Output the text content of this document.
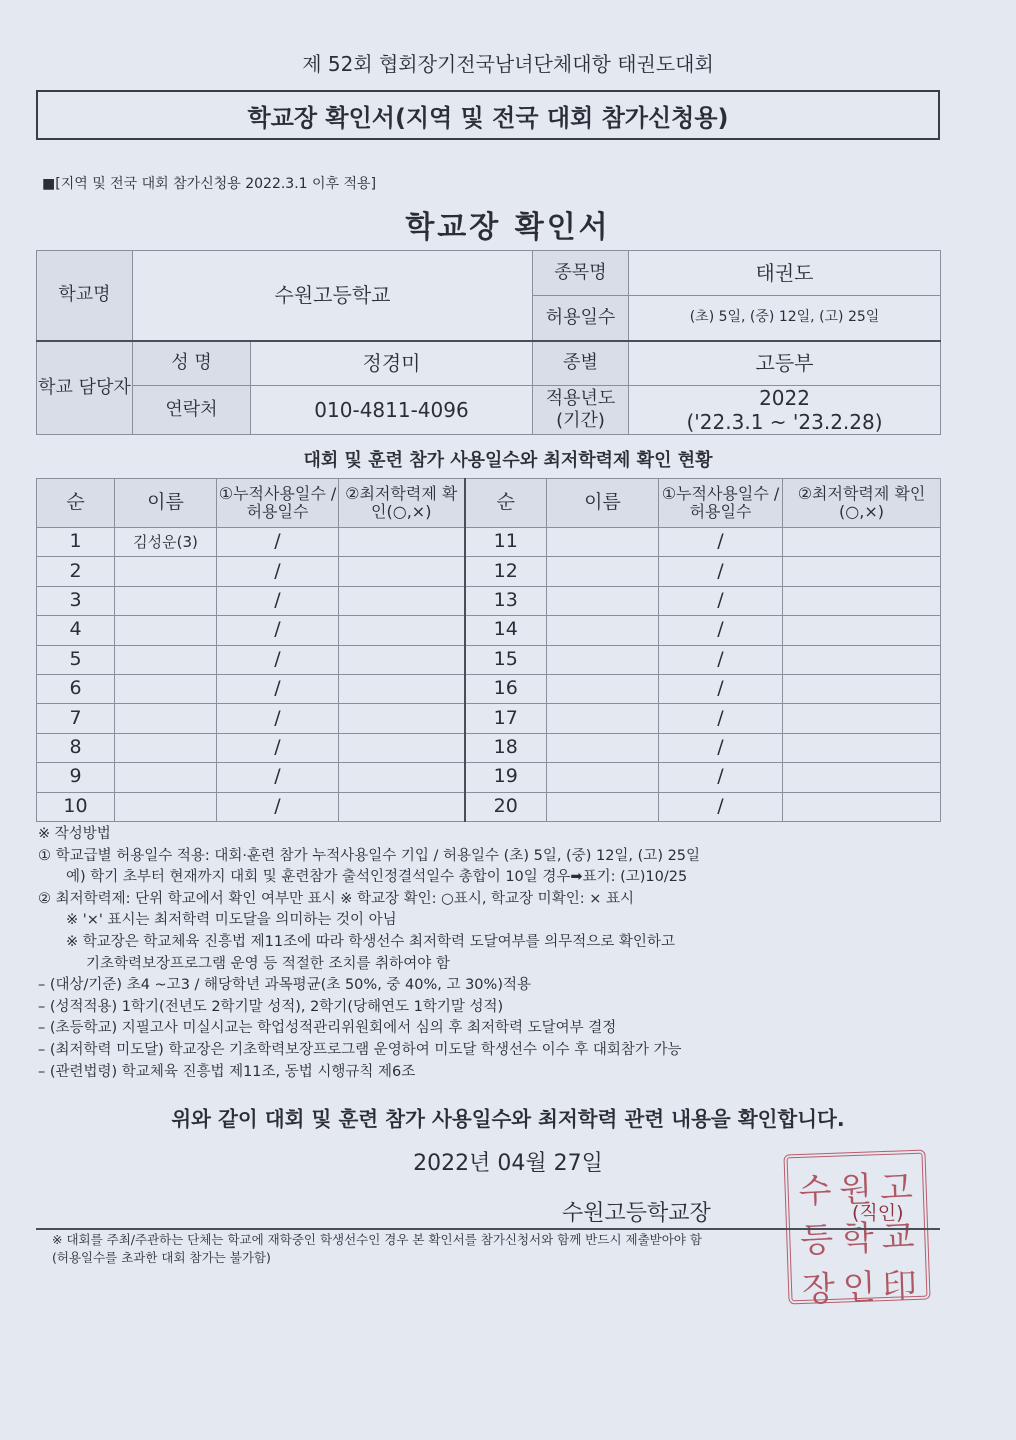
제 52회 협회장기전국남녀단체대항 태권도대회
학교장 확인서(지역 및 전국 대회 참가신청용)
■[지역 및 전국 대회 참가신청용 2022.3.1 이후 적용]
학교장 확인서
학교명	수원고등학교		종목명	태권도
			허용일수	(초) 5일, (중) 12일, (고) 25일
학교 담당자	성 명	정경미	종별	고등부
	연락처	010-4811-4096	적용년도 (기간)	2022
('22.3.1 ~ '23.2.28)
대회 및 훈련 참가 사용일수와 최저학력제 확인 현황
순	이름	①누적사용일수 /허용일수	②최저학력제 확인(○,×)	순	이름	①누적사용일수 /허용일수	②최저학력제 확인(○,×)
1	김성운(3)	/		11		/	
2		/		12		/	
3		/		13		/	
4		/		14		/	
5		/		15		/	
6		/		16		/	
7		/		17		/	
8		/		18		/	
9		/		19		/	
10		/		20		/	
※ 작성방법
① 학교급별 허용일수 적용: 대회·훈련 참가 누적사용일수 기입 / 허용일수 (초) 5일, (중) 12일, (고) 25일
예) 학기 초부터 현재까지 대회 및 훈련참가 출석인정결석일수 총합이 10일 경우➡표기: (고)10/25
② 최저학력제: 단위 학교에서 확인 여부만 표시 ※ 학교장 확인: ○표시, 학교장 미확인: × 표시
※ '×' 표시는 최저학력 미도달을 의미하는 것이 아님
※ 학교장은 학교체육 진흥법 제11조에 따라 학생선수 최저학력 도달여부를 의무적으로 확인하고
기초학력보장프로그램 운영 등 적절한 조치를 취하여야 함
– (대상/기준) 초4 ~고3 / 해당학년 과목평균(초 50%, 중 40%, 고 30%)적용
– (성적적용) 1학기(전년도 2학기말 성적), 2학기(당해연도 1학기말 성적)
– (초등학교) 지필고사 미실시교는 학업성적관리위원회에서 심의 후 최저학력 도달여부 결정
– (최저학력 미도달) 학교장은 기초학력보장프로그램 운영하여 미도달 학생선수 이수 후 대회참가 가능
– (관련법령) 학교체육 진흥법 제11조, 동법 시행규칙 제6조
위와 같이 대회 및 훈련 참가 사용일수와 최저학력 관련 내용을 확인합니다.
2022년 04월 27일
수 원 고
등 학 교
장 인 印
수원고등학교장	(직인)
※ 대회를 주최/주관하는 단체는 학교에 재학중인 학생선수인 경우 본 확인서를 참가신청서와 함께 반드시 제출받아야 함
(허용일수를 초과한 대회 참가는 불가함)
